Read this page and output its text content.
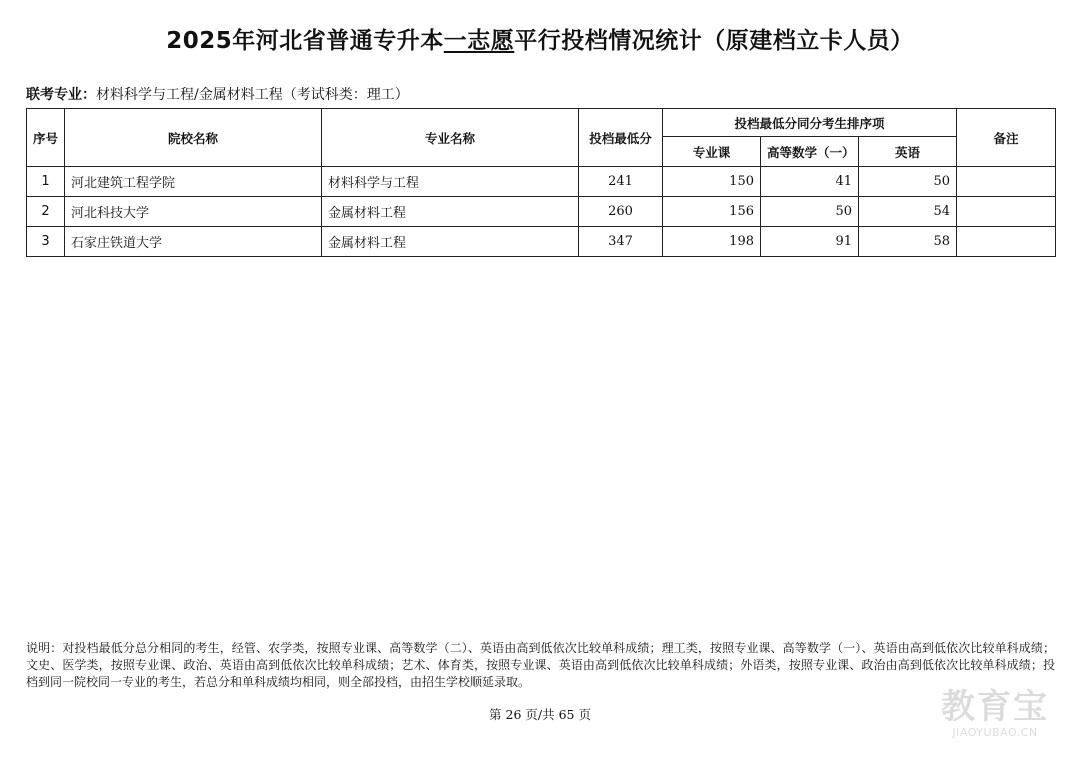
2025年河北省普通专升本一志愿平行投档情况统计（原建档立卡人员）
联考专业：材料科学与工程/金属材料工程（考试科类：理工）
序号	院校名称	专业名称	投档最低分	投档最低分同分考生排序项			备注
				专业课	高等数学（一）	英语	
1	河北建筑工程学院	材料科学与工程	241	150	41	50	
2	河北科技大学	金属材料工程	260	156	50	54	
3	石家庄铁道大学	金属材料工程	347	198	91	58	
说明：对投档最低分总分相同的考生，经管、农学类，按照专业课、高等数学（二）、英语由高到低依次比较单科成绩；理工类，按照专业课、高等数学（一）、英语由高到低依次比较单科成绩；文史、医学类，按照专业课、政治、英语由高到低依次比较单科成绩；艺术、体育类，按照专业课、英语由高到低依次比较单科成绩；外语类，按照专业课、政治由高到低依次比较单科成绩；投档到同一院校同一专业的考生，若总分和单科成绩均相同，则全部投档，由招生学校顺延录取。
第 26 页/共 65 页	教育宝
JIAOYUBAO.CN
